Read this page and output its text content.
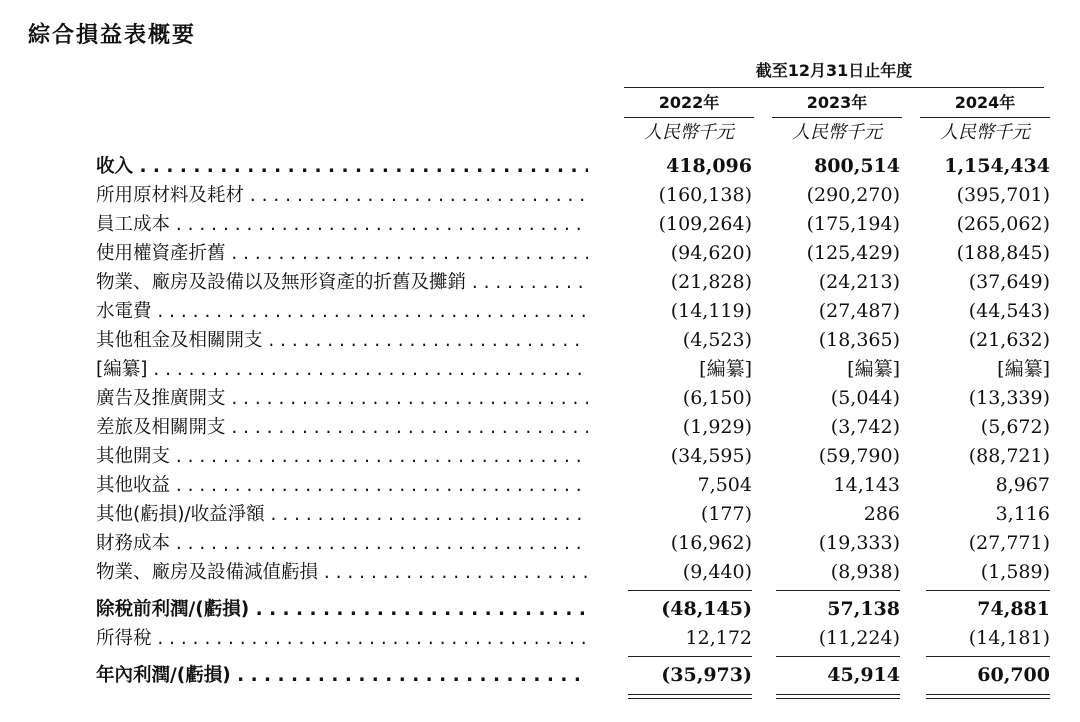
綜合損益表概要
截至12月31日止年度
2022年	2023年	2024年
人民幣千元	人民幣千元	人民幣千元
收入 . . .	418,096	800,514	1,154,434
所用原材料及耗材 . . .	(160,138)	(290,270)	(395,701)
員工成本 . . .	(109,264)	(175,194)	(265,062)
使用權資產折舊 . . .	(94,620)	(125,429)	(188,845)
物業、廠房及設備以及無形資產的折舊及攤銷 . . .	(21,828)	(24,213)	(37,649)
水電費 . . .	(14,119)	(27,487)	(44,543)
其他租金及相關開支 . . .	(4,523)	(18,365)	(21,632)
[編纂] . . .	[編纂]	[編纂]	[編纂]
廣告及推廣開支 . . .	(6,150)	(5,044)	(13,339)
差旅及相關開支 . . .	(1,929)	(3,742)	(5,672)
其他開支 . . .	(34,595)	(59,790)	(88,721)
其他收益 . . .	7,504	14,143	8,967
其他(虧損)/收益淨額 . . .	(177)	286	3,116
財務成本 . . .	(16,962)	(19,333)	(27,771)
物業、廠房及設備減值虧損 . . .	(9,440)	(8,938)	(1,589)
除稅前利潤/(虧損) . . .	(48,145)	57,138	74,881
所得稅 . . .	12,172	(11,224)	(14,181)
年內利潤/(虧損) . . .	(35,973)	45,914	60,700
